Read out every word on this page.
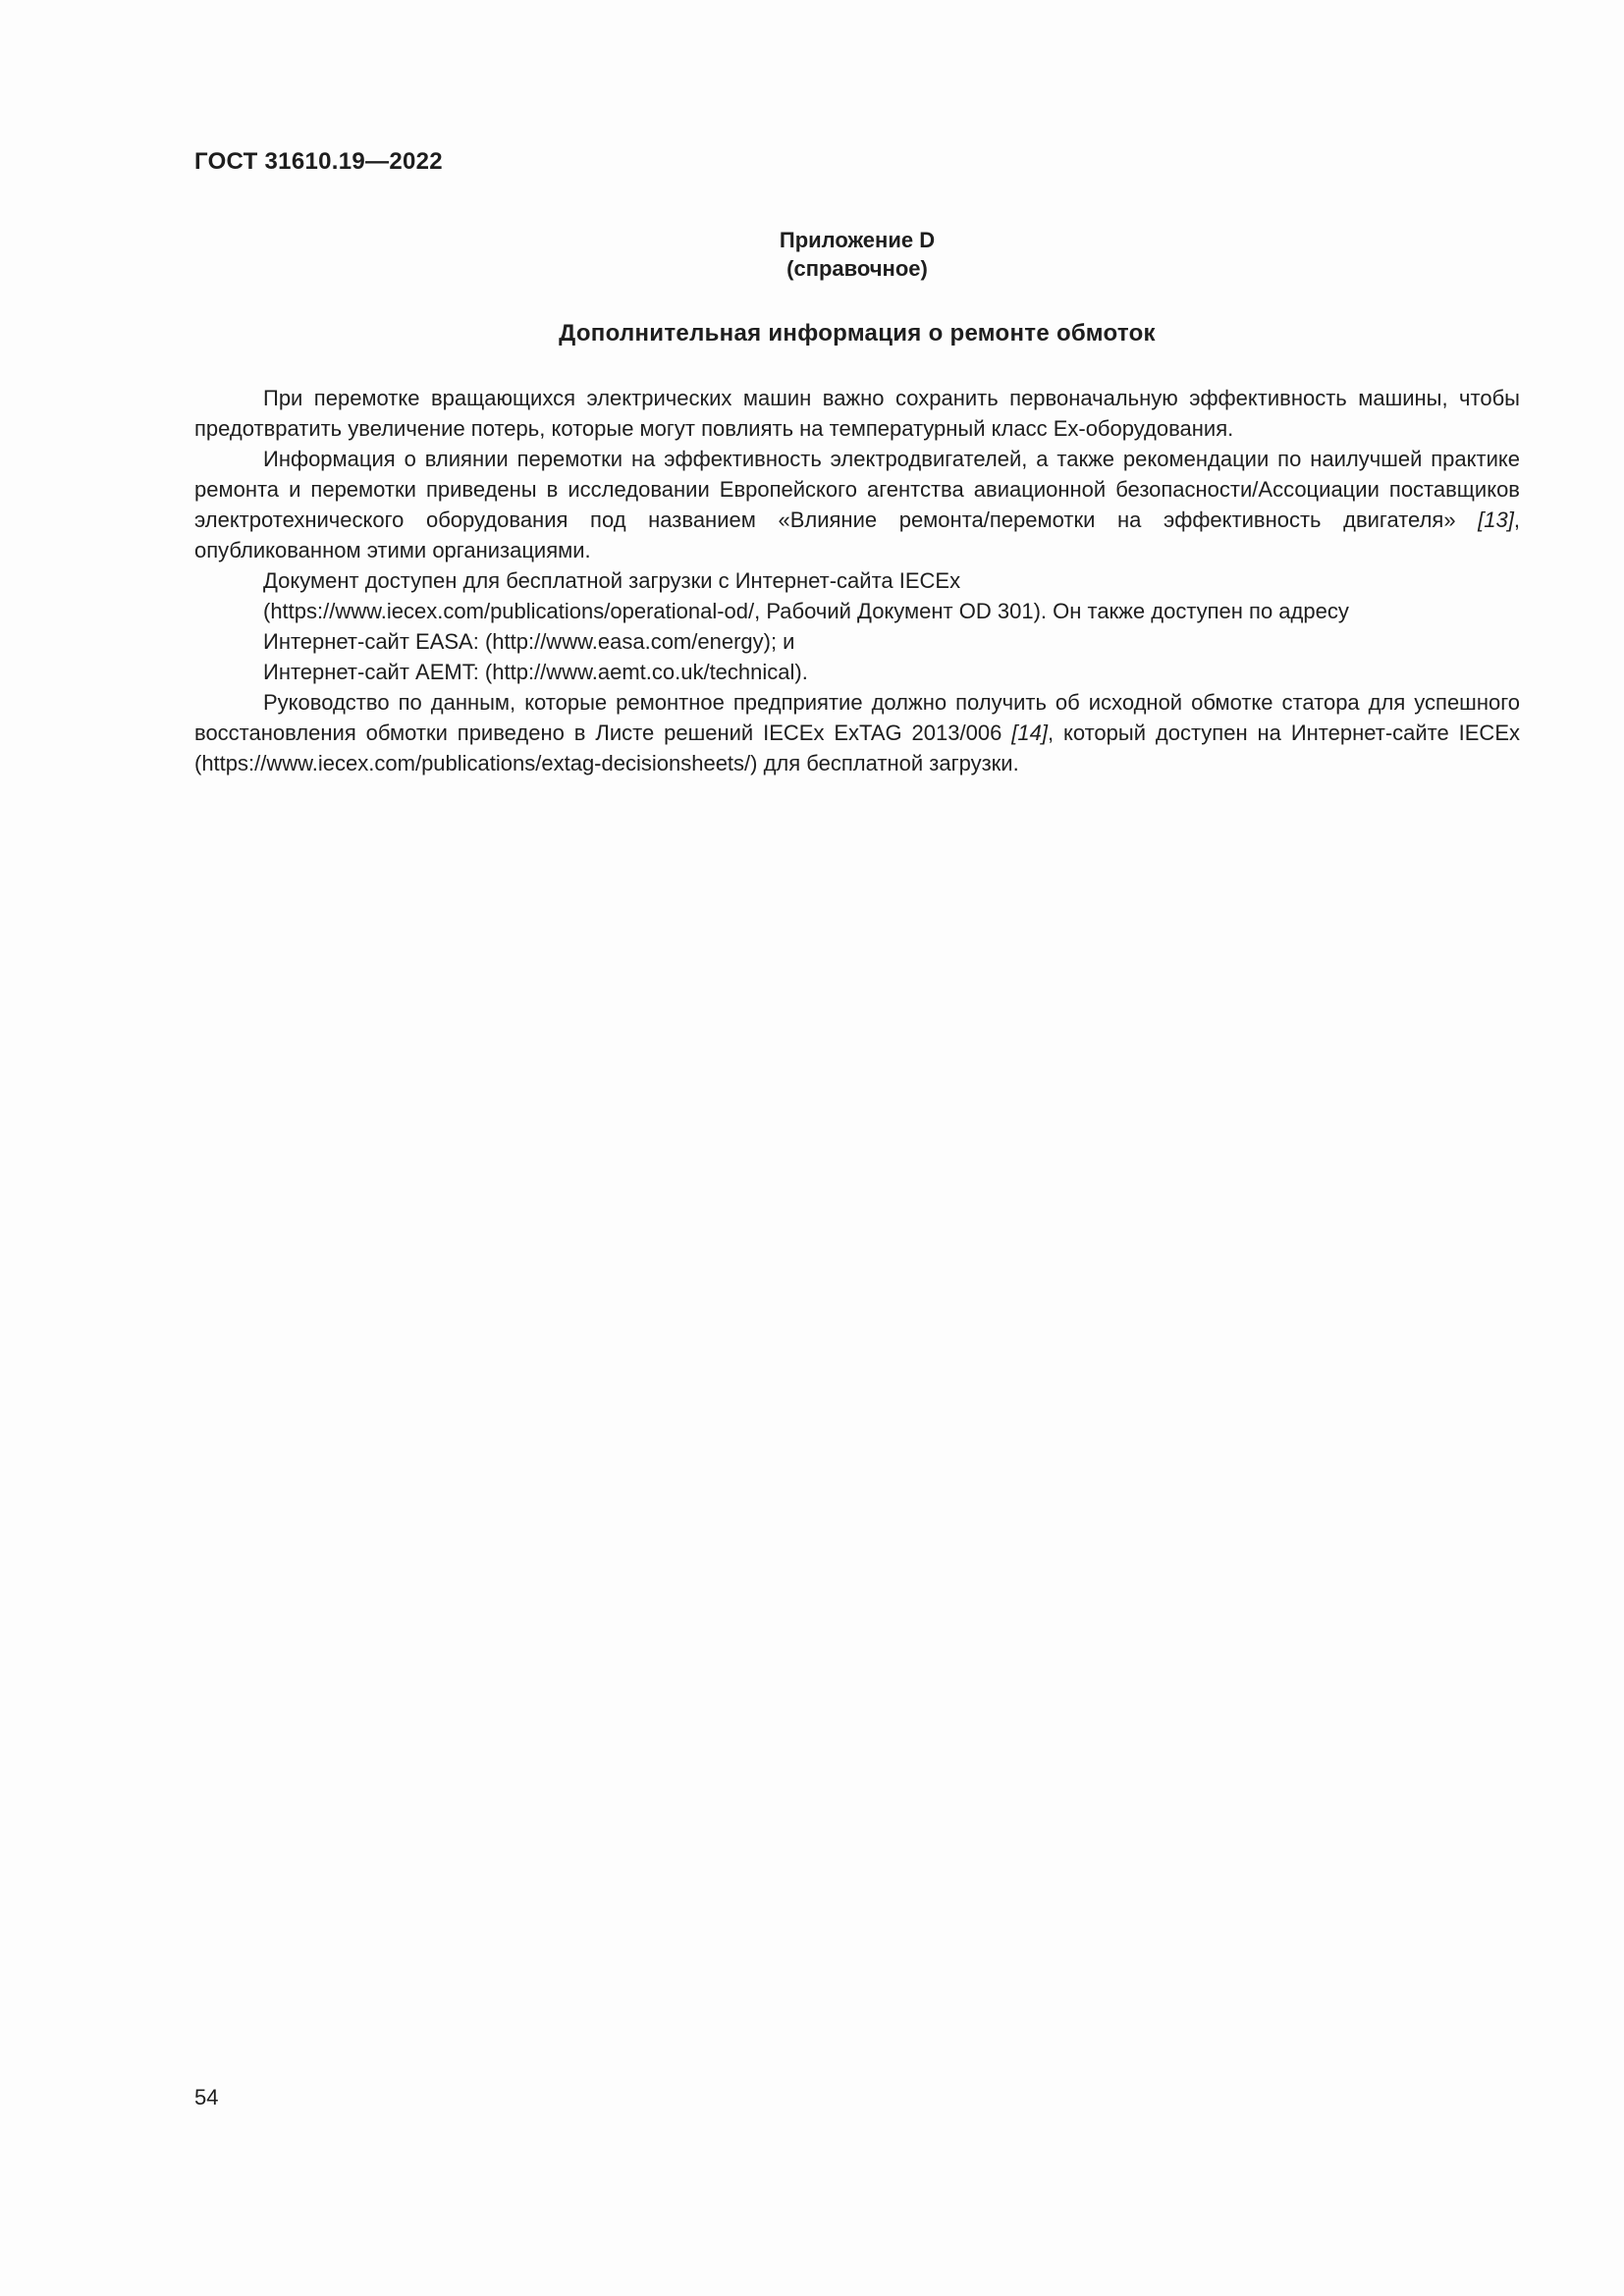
ГОСТ 31610.19—2022
Приложение D
(справочное)
Дополнительная информация о ремонте обмоток

При перемотке вращающихся электрических машин важно сохранить первоначальную эффективность машины, чтобы предотвратить увеличение потерь, которые могут повлиять на температурный класс Ex-оборудования.

Информация о влиянии перемотки на эффективность электродвигателей, а также рекомендации по наилучшей практике ремонта и перемотки приведены в исследовании Европейского агентства авиационной безопасности/Ассоциации поставщиков электротехнического оборудования под названием «Влияние ремонта/перемотки на эффективность двигателя» [13], опубликованном этими организациями.

Документ доступен для бесплатной загрузки с Интернет-сайта IECEx

(https://www.iecex.com/publications/operational-od/, Рабочий Документ OD 301). Он также доступен по адресу

Интернет-сайт EASA: (http://www.easa.com/energy); и

Интернет-сайт AEMT: (http://www.aemt.co.uk/technical).

Руководство по данным, которые ремонтное предприятие должно получить об исходной обмотке статора для успешного восстановления обмотки приведено в Листе решений IECEx ExTAG 2013/006 [14], который доступен на Интернет-сайте IECEx (https://www.iecex.com/publications/extag-decisionsheets/) для бесплатной загрузки.

54
